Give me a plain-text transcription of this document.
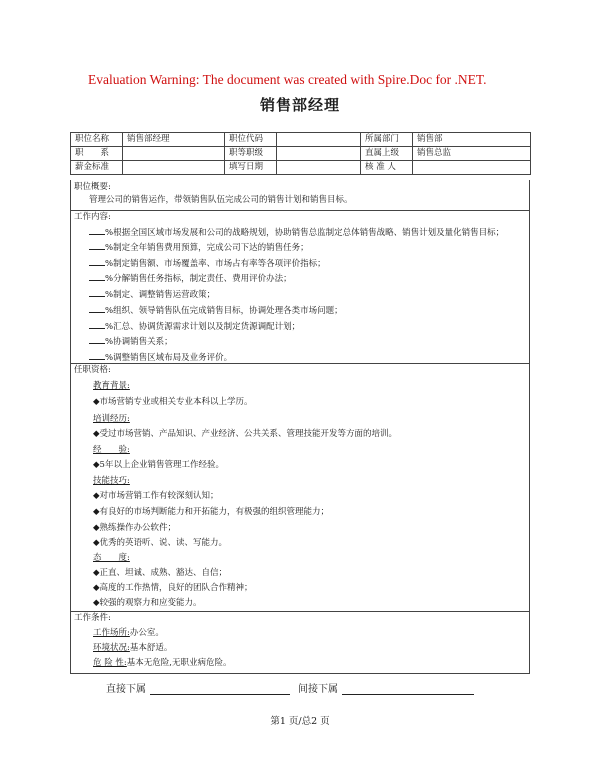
Evaluation Warning: The document was created with Spire.Doc for .NET.
销售部经理
职位名称	销售部经理	职位代码		所属部门	销售部
职　　系		职等职级		直属上级	销售总监
薪金标准		填写日期		核 准 人	
职位概要:
管理公司的销售运作，带领销售队伍完成公司的销售计划和销售目标。
工作内容:
%根据全国区域市场发展和公司的战略规划，协助销售总监制定总体销售战略、销售计划及量化销售目标；
%制定全年销售费用预算，完成公司下达的销售任务；
%制定销售额、市场覆盖率、市场占有率等各项评价指标；
%分解销售任务指标，制定责任、费用评价办法；
%制定、调整销售运营政策；
%组织、领导销售队伍完成销售目标，协调处理各类市场问题；
%汇总、协调货源需求计划以及制定货源调配计划；
%协调销售关系；
%调整销售区域布局及业务评价。
任职资格:
教育背景:
◆市场营销专业或相关专业本科以上学历。
培训经历:
◆受过市场营销、产品知识、产业经济、公共关系、管理技能开发等方面的培训。
经　　验:
◆5年以上企业销售管理工作经验。
技能技巧:
◆对市场营销工作有较深刻认知；
◆有良好的市场判断能力和开拓能力，有极强的组织管理能力；
◆熟练操作办公软件；
◆优秀的英语听、说、读、写能力。
态　　度:
◆正直、坦诚、成熟、豁达、自信；
◆高度的工作热情，良好的团队合作精神；
◆较强的观察力和应变能力。
工作条件:
工作场所:办公室。
环境状况:基本舒适。
危 险 性:基本无危险,无职业病危险。
直接下属	间接下属
第1 页/总2 页
